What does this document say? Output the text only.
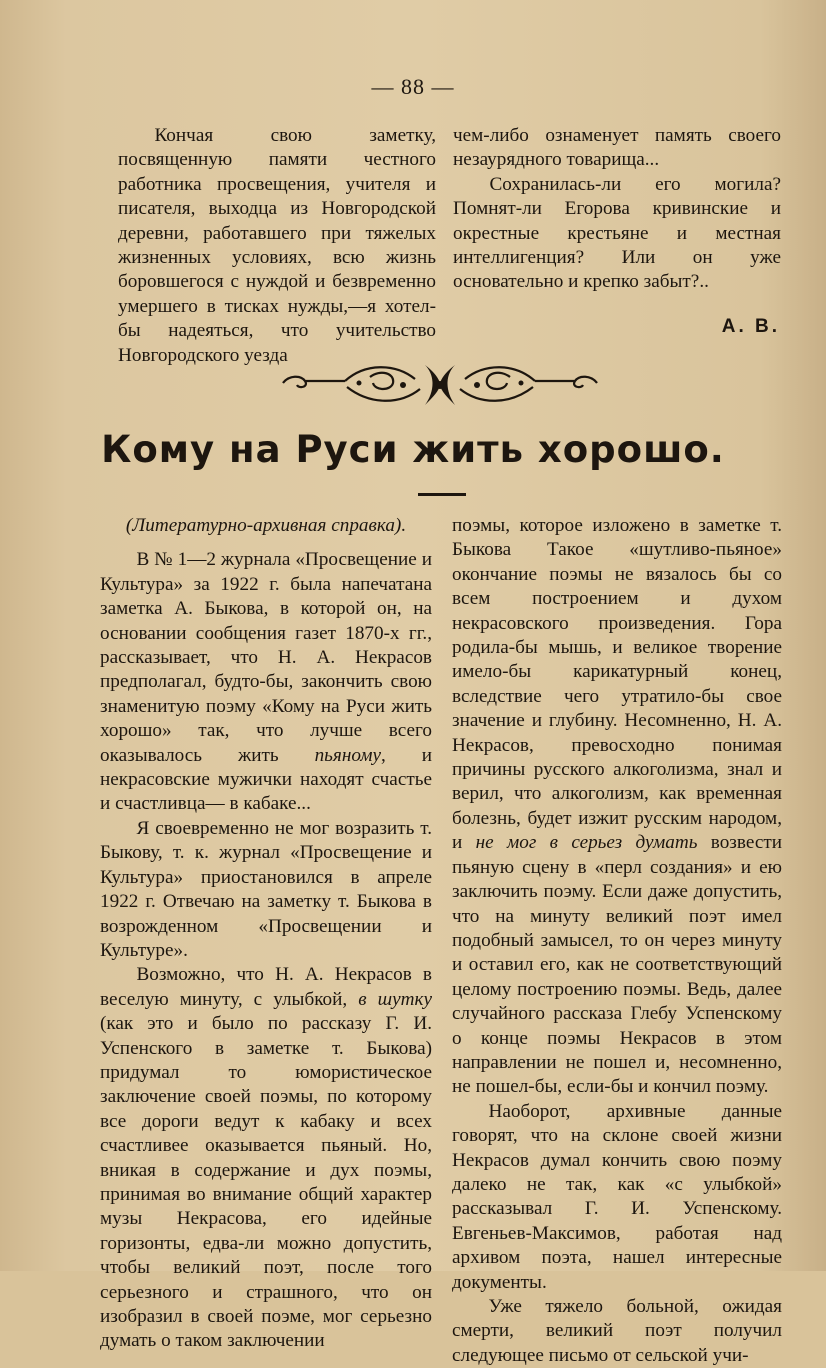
— 88 —

Кончая свою заметку, посвященную памяти честного работника просвещения, учителя и писателя, выходца из Новгородской деревни, работавшего при тяжелых жизненных условиях, всю жизнь боровшегося с нуждой и безвременно умершего в тисках нужды,—я хотел-бы надеяться, что учительство Новгородского уезда

чем-либо ознаменует память своего незаурядного товарища...

Сохранилась-ли его могила? Помнят-ли Егорова кривинские и окрестные крестьяне и местная интеллигенция? Или он уже основательно и крепко забыт?..

А. В.
Кому на Руси жить хорошо.

(Литературно-архивная справка).

В № 1—2 журнала «Просвещение и Культура» за 1922 г. была напечатана заметка А. Быкова, в которой он, на основании сообщения газет 1870-х гг., рассказывает, что Н. А. Некрасов предполагал, будто-бы, закончить свою знаменитую поэму «Кому на Руси жить хорошо» так, что лучше всего оказывалось жить пьяному, и некрасовские мужички находят счастье и счастливца— в кабаке...

Я своевременно не мог возразить т. Быкову, т. к. журнал «Просвещение и Культура» приостановился в апреле 1922 г. Отвечаю на заметку т. Быкова в возрожденном «Просвещении и Культуре».

Возможно, что Н. А. Некрасов в веселую минуту, с улыбкой, в шутку (как это и было по рассказу Г. И. Успенского в заметке т. Быкова) придумал то юмористическое заключение своей поэмы, по которому все дороги ведут к кабаку и всех счастливее оказывается пьяный. Но, вникая в содержание и дух поэмы, принимая во внимание общий характер музы Некрасова, его идейные горизонты, едва-ли можно допустить, чтобы великий поэт, после того серьезного и страшного, что он изобразил в своей поэме, мог серьезно думать о таком заключении

поэмы, которое изложено в заметке т. Быкова Такое «шутливо-пьяное» окончание поэмы не вязалось бы со всем построением и духом некрасовского произведения. Гора родила-бы мышь, и великое творение имело-бы карикатурный конец, вследствие чего утратило-бы свое значение и глубину. Несомненно, Н. А. Некрасов, превосходно понимая причины русского алкоголизма, знал и верил, что алкоголизм, как временная болезнь, будет изжит русским народом, и не мог в серьез думать возвести пьяную сцену в «перл создания» и ею заключить поэму. Если даже допустить, что на минуту великий поэт имел подобный замысел, то он через минуту и оставил его, как не соответствующий целому построению поэмы. Ведь, далее случайного рассказа Глебу Успенскому о конце поэмы Некрасов в этом направлении не пошел и, несомненно, не пошел-бы, если-бы и кончил поэму.

Наоборот, архивные данные говорят, что на склоне своей жизни Некрасов думал кончить свою поэму далеко не так, как «с улыбкой» рассказывал Г. И. Успенскому. Евгеньев-Максимов, работая над архивом поэта, нашел интересные документы.

Уже тяжело больной, ожидая смерти, великий поэт получил следующее письмо от сельской учи-
